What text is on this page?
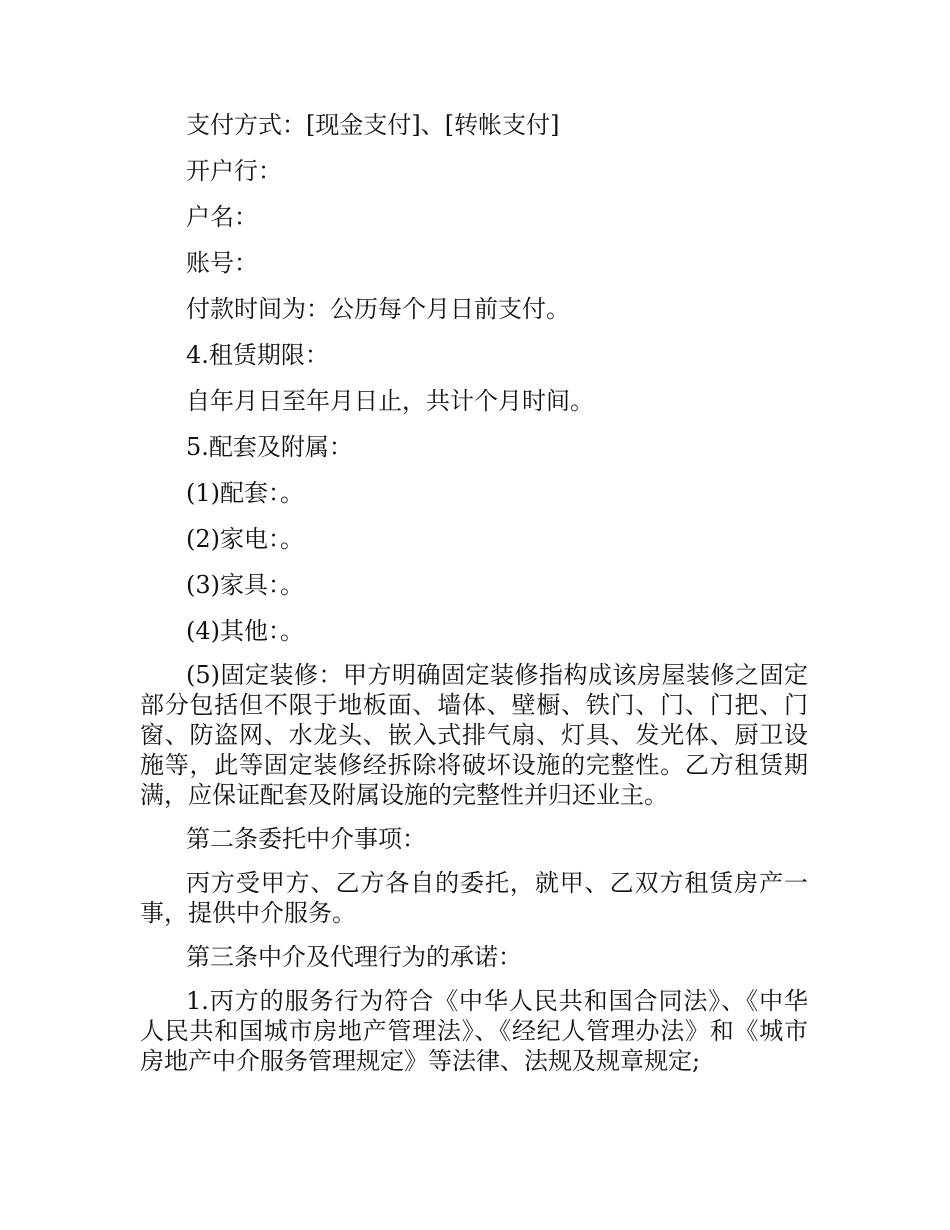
支付方式：[现金支付]、[转帐支付]
开户行：
户名：
账号：
付款时间为：公历每个月日前支付。
4.租赁期限：
自年月日至年月日止，共计个月时间。
5.配套及附属：
(1)配套：。
(2)家电：。
(3)家具：。
(4)其他：。
(5)固定装修：甲方明确固定装修指构成该房屋装修之固定部分包括但不限于地板面、墙体、壁橱、铁门、门、门把、门窗、防盗网、水龙头、嵌入式排气扇、灯具、发光体、厨卫设施等，此等固定装修经拆除将破坏设施的完整性。乙方租赁期满，应保证配套及附属设施的完整性并归还业主。
第二条委托中介事项：
丙方受甲方、乙方各自的委托，就甲、乙双方租赁房产一事，提供中介服务。
第三条中介及代理行为的承诺：
1.丙方的服务行为符合《中华人民共和国合同法》、《中华人民共和国城市房地产管理法》、《经纪人管理办法》和《城市房地产中介服务管理规定》等法律、法规及规章规定;
